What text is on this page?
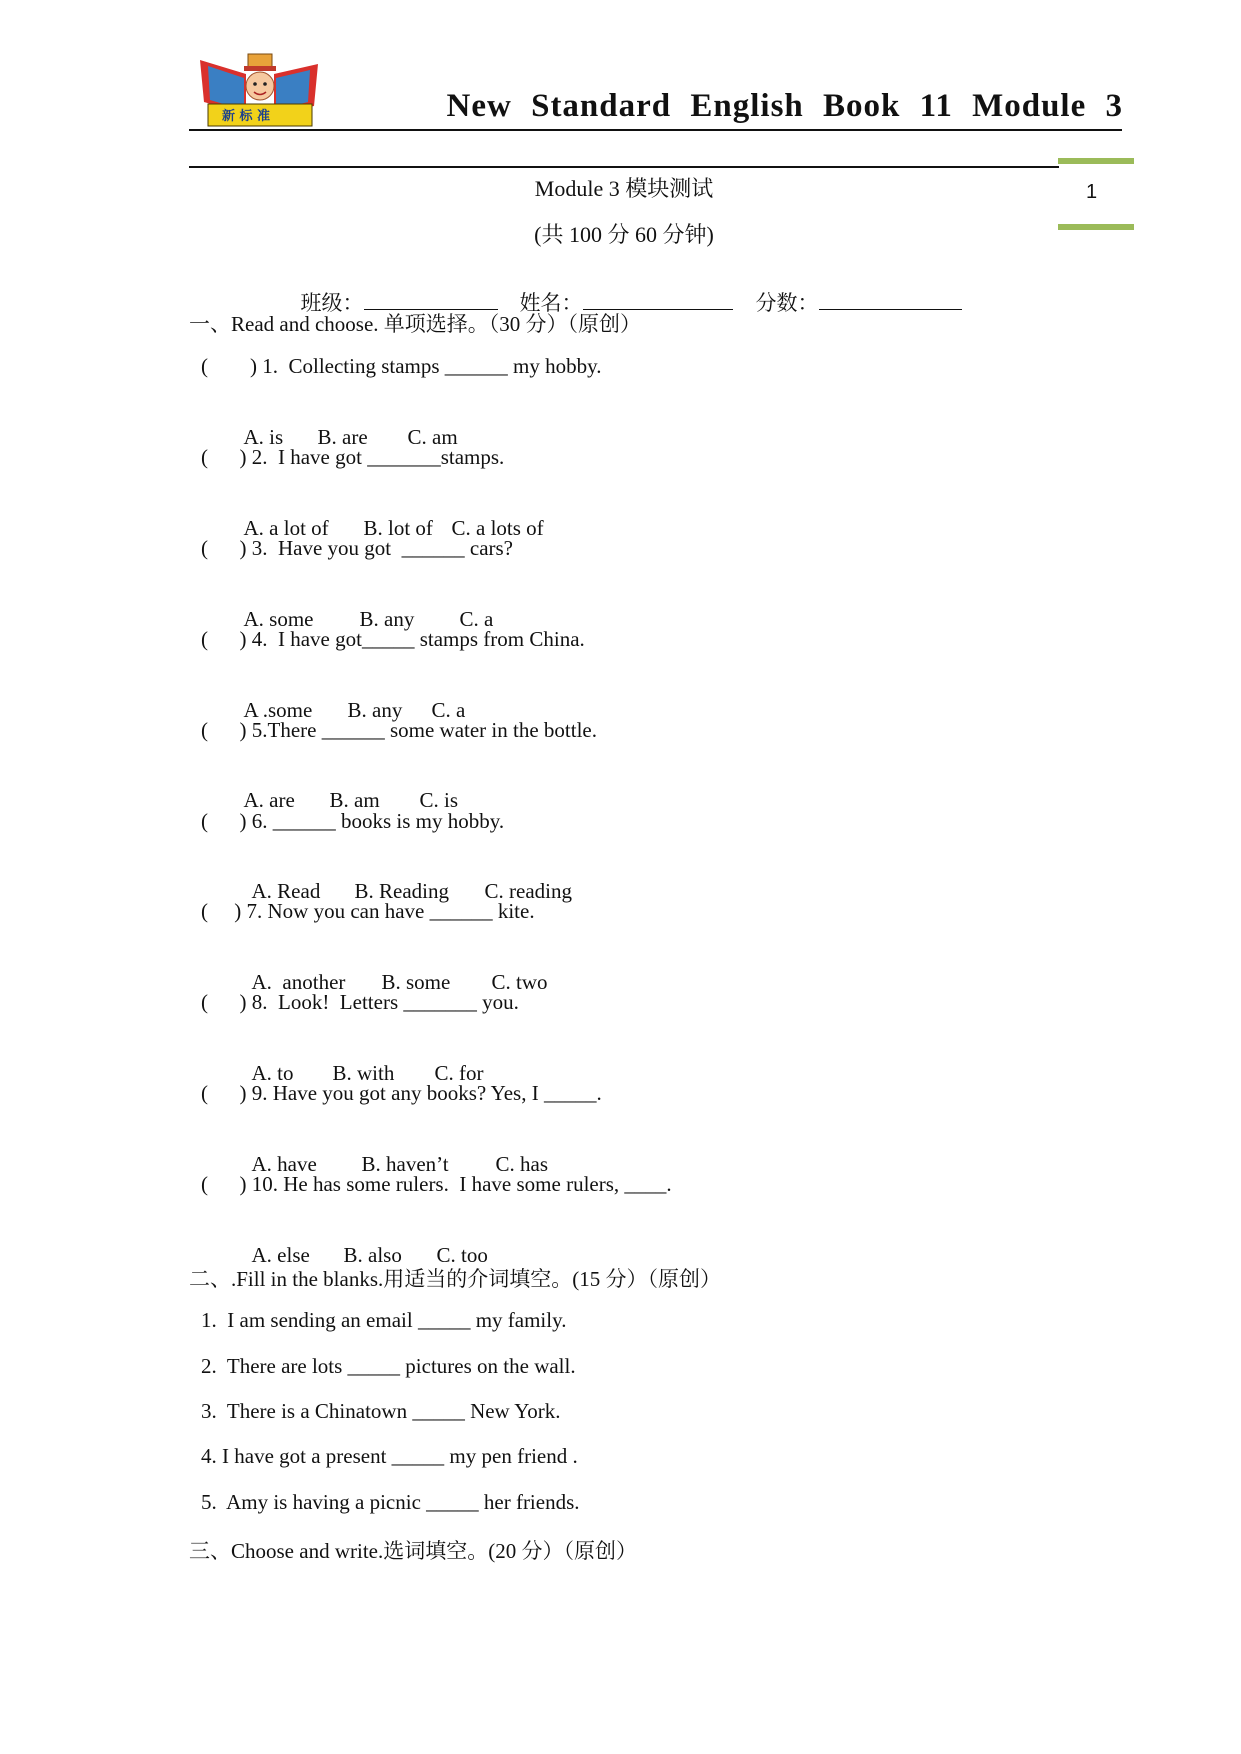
新 标 准	New Standard English Book 11 Module 3
1
Module 3 模块测试
(共 100 分 60 分钟)

班级：	姓名：	分数：

一、Read and choose. 单项选择。（30 分）（原创）
(        ) 1.  Collecting stamps ______ my hobby.

A. is B. are C. am

(      ) 2.  I have got _______stamps.

A. a lot of B. lot of C. a lots of

(      ) 3.  Have you got  ______ cars?

A. some B. any C. a

(      ) 4.  I have got_____ stamps from China.

A .some B. any C. a

(      ) 5.There ______ some water in the bottle.

A. are B. am C. is

(      ) 6. ______ books is my hobby.

A. Read B. Reading C. reading

(     ) 7. Now you can have ______ kite.

A.  another B. some C. two

(      ) 8.  Look!  Letters _______ you.

A. to B. with C. for

(      ) 9. Have you got any books? Yes, I _____.

A. have B. haven’t C. has

(      ) 10. He has some rulers.  I have some rulers, ____.

A. else B. also C. too

二、.Fill in the blanks.用适当的介词填空。(15 分）（原创）
1.  I am sending an email _____ my family.
2.  There are lots _____ pictures on the wall.
3.  There is a Chinatown _____ New York.
4. I have got a present _____ my pen friend .
5.  Amy is having a picnic _____ her friends.
三、Choose and write.选词填空。(20 分）（原创）
